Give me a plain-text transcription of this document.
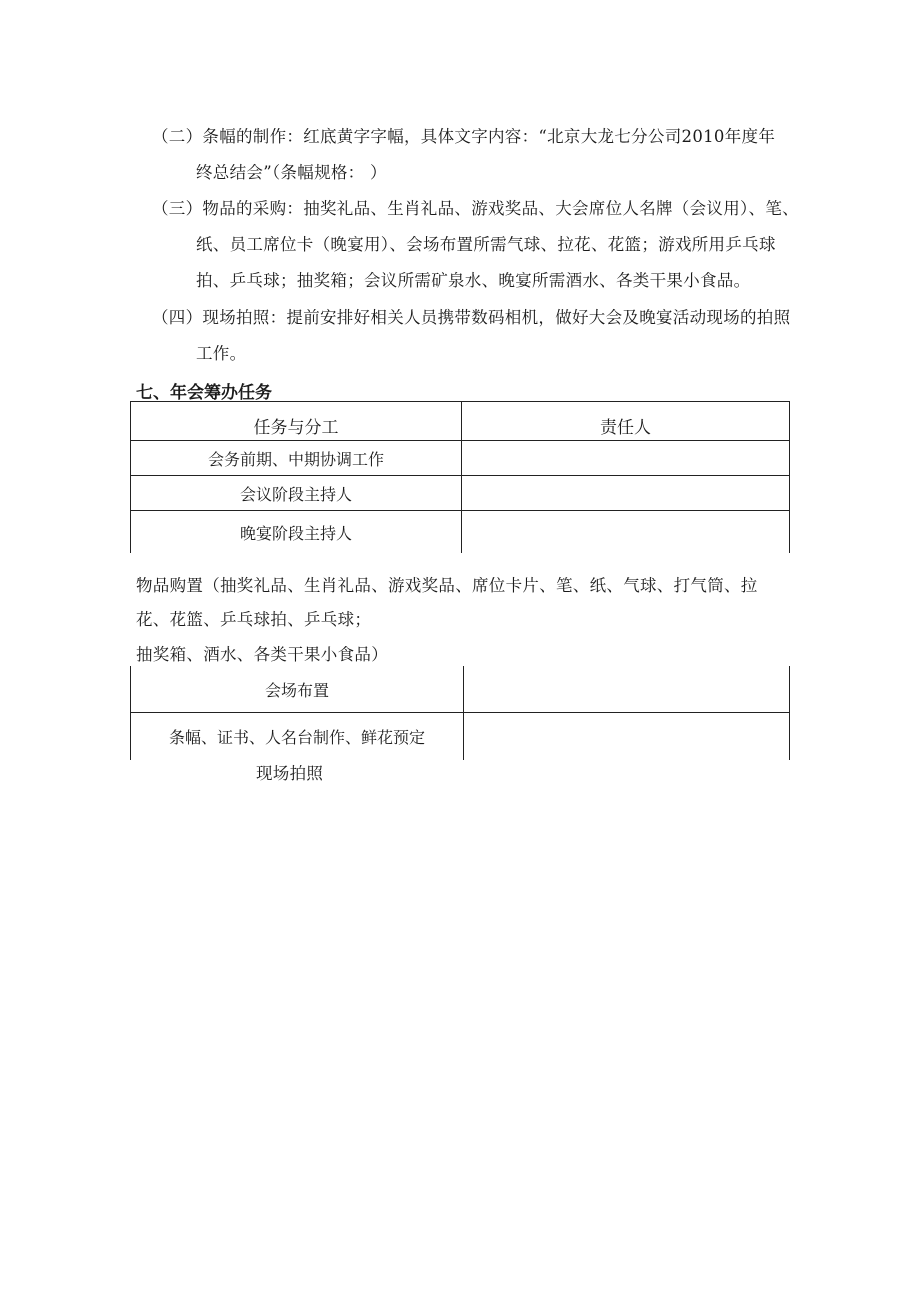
（二）条幅的制作：红底黄字字幅，具体文字内容：“北京大龙七分公司2010年度年
终总结会”（条幅规格： ）
（三）物品的采购：抽奖礼品、生肖礼品、游戏奖品、大会席位人名牌（会议用）、笔、
纸、员工席位卡（晚宴用）、会场布置所需气球、拉花、花篮；游戏所用乒乓球
拍、乒乓球；抽奖箱；会议所需矿泉水、晚宴所需酒水、各类干果小食品。
（四）现场拍照：提前安排好相关人员携带数码相机，做好大会及晚宴活动现场的拍照
工作。
七、年会筹办任务
任务与分工	责任人
会务前期、中期协调工作	
会议阶段主持人	
晚宴阶段主持人	
物品购置（抽奖礼品、生肖礼品、游戏奖品、席位卡片、笔、纸、气球、打气筒、拉
花、花篮、乒乓球拍、乒乓球；
抽奖箱、酒水、各类干果小食品）
会场布置	
条幅、证书、人名台制作、鲜花预定	
现场拍照
